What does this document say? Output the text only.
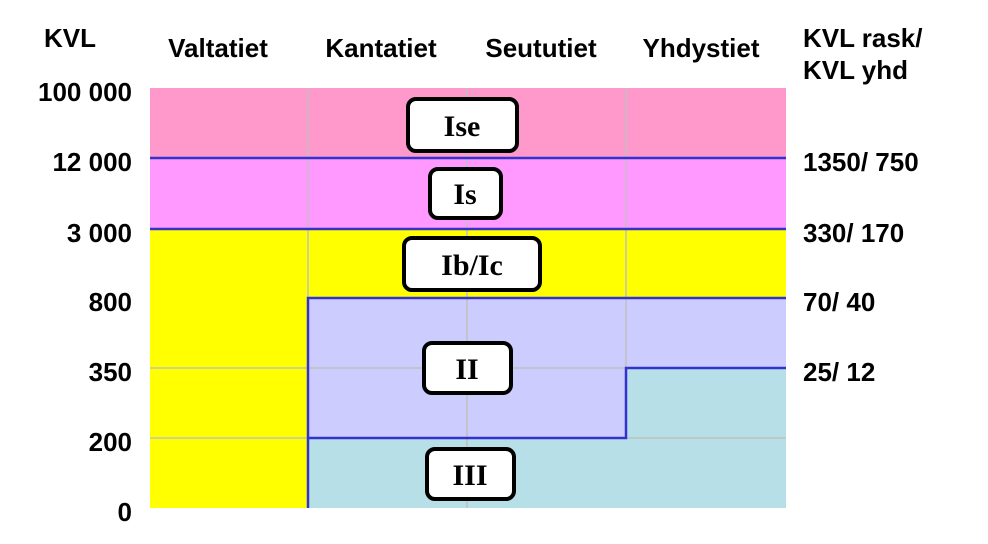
KVL	Valtatiet Kantatiet Seututiet Yhdystiet KVL rask/
KVL yhd
100 000
12 000
3 000
800
350
200
0
1350/ 750
330/ 170
70/ 40
25/ 12
Ise
Is
Ib/Ic
II
III
